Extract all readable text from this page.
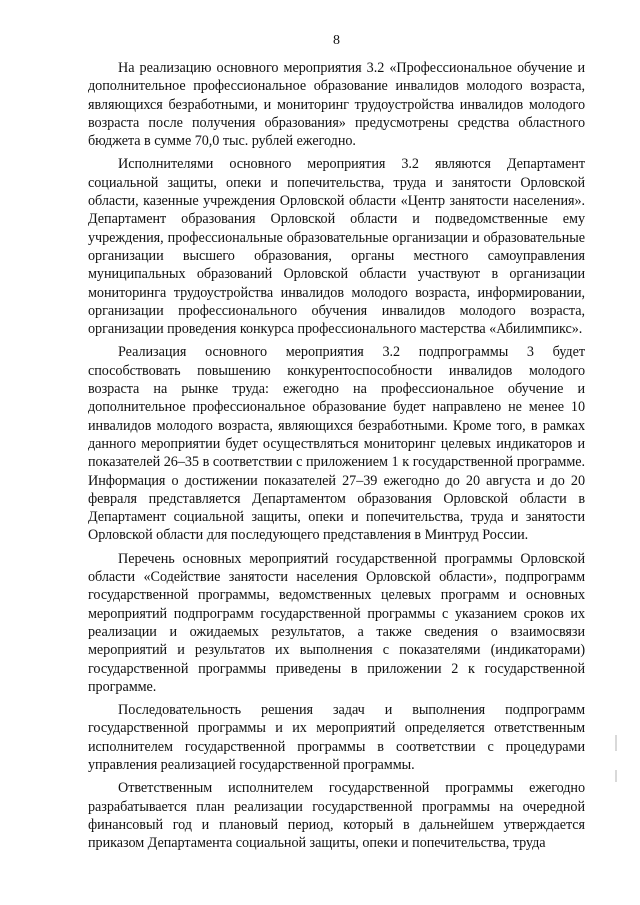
8

На реализацию основного мероприятия 3.2 «Профессиональное обучение и дополнительное профессиональное образование инвалидов молодого возраста, являющихся безработными, и мониторинг трудоустройства инвалидов молодого возраста после получения образования» предусмотрены средства областного бюджета в сумме 70,0 тыс. рублей ежегодно.

Исполнителями основного мероприятия 3.2 являются Департамент социальной защиты, опеки и попечительства, труда и занятости Орловской области, казенные учреждения Орловской области «Центр занятости населения». Департамент образования Орловской области и подведомственные ему учреждения, профессиональные образовательные организации и образовательные организации высшего образования, органы местного самоуправления муниципальных образований Орловской области участвуют в организации мониторинга трудоустройства инвалидов молодого возраста, информировании, организации профессионального обучения инвалидов молодого возраста, организации проведения конкурса профессионального мастерства «Абилимпикс».

Реализация основного мероприятия 3.2 подпрограммы 3 будет способствовать повышению конкурентоспособности инвалидов молодого возраста на рынке труда: ежегодно на профессиональное обучение и дополнительное профессиональное образование будет направлено не менее 10 инвалидов молодого возраста, являющихся безработными. Кроме того, в рамках данного мероприятии будет осуществляться мониторинг целевых индикаторов и показателей 26–35 в соответствии с приложением 1 к государственной программе. Информация о достижении показателей 27–39 ежегодно до 20 августа и до 20 февраля представляется Департаментом образования Орловской области в Департамент социальной защиты, опеки и попечительства, труда и занятости Орловской области для последующего представления в Минтруд России.

Перечень основных мероприятий государственной программы Орловской области «Содействие занятости населения Орловской области», подпрограмм государственной программы, ведомственных целевых программ и основных мероприятий подпрограмм государственной программы с указанием сроков их реализации и ожидаемых результатов, а также сведения о взаимосвязи мероприятий и результатов их выполнения с показателями (индикаторами) государственной программы приведены в приложении 2 к государственной программе.

Последовательность решения задач и выполнения подпрограмм государственной программы и их мероприятий определяется ответственным исполнителем государственной программы в соответствии с процедурами управления реализацией государственной программы.

Ответственным исполнителем государственной программы ежегодно разрабатывается план реализации государственной программы на очередной финансовый год и плановый период, который в дальнейшем утверждается приказом Департамента социальной защиты, опеки и попечительства, труда
